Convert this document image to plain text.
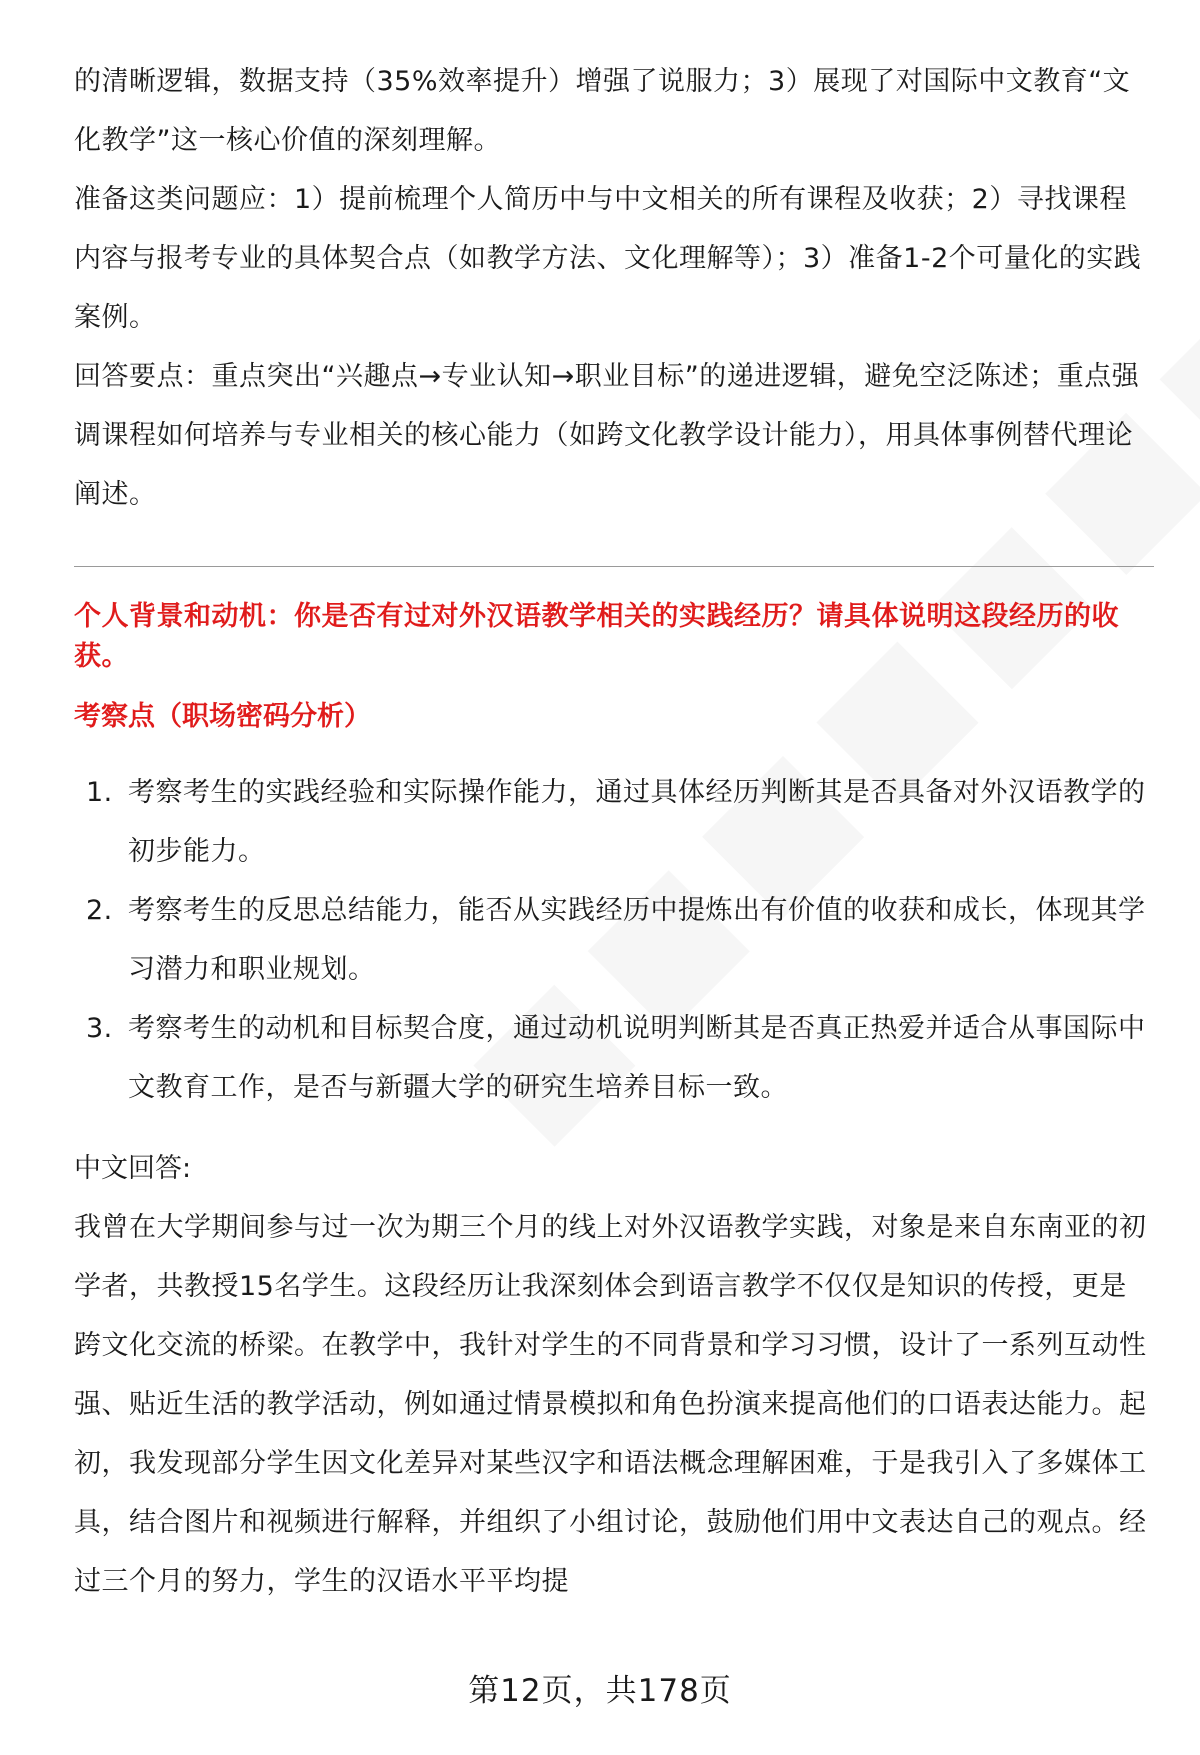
的清晰逻辑，数据支持（35%效率提升）增强了说服力；3）展现了对国际中文教育“文化教学”这一核心价值的深刻理解。

准备这类问题应：1）提前梳理个人简历中与中文相关的所有课程及收获；2）寻找课程内容与报考专业的具体契合点（如教学方法、文化理解等）；3）准备1-2个可量化的实践案例。

回答要点：重点突出“兴趣点→专业认知→职业目标”的递进逻辑，避免空泛陈述；重点强调课程如何培养与专业相关的核心能力（如跨文化教学设计能力），用具体事例替代理论阐述。

个人背景和动机：你是否有过对外汉语教学相关的实践经历？请具体说明这段经历的收获。

考察点（职场密码分析）

1. 考察考生的实践经验和实际操作能力，通过具体经历判断其是否具备对外汉语教学的初步能力。
2. 考察考生的反思总结能力，能否从实践经历中提炼出有价值的收获和成长，体现其学习潜力和职业规划。
3. 考察考生的动机和目标契合度，通过动机说明判断其是否真正热爱并适合从事国际中文教育工作，是否与新疆大学的研究生培养目标一致。

中文回答:

我曾在大学期间参与过一次为期三个月的线上对外汉语教学实践，对象是来自东南亚的初学者，共教授15名学生。这段经历让我深刻体会到语言教学不仅仅是知识的传授，更是跨文化交流的桥梁。在教学中，我针对学生的不同背景和学习习惯，设计了一系列互动性强、贴近生活的教学活动，例如通过情景模拟和角色扮演来提高他们的口语表达能力。起初，我发现部分学生因文化差异对某些汉字和语法概念理解困难，于是我引入了多媒体工具，结合图片和视频进行解释，并组织了小组讨论，鼓励他们用中文表达自己的观点。经过三个月的努力，学生的汉语水平平均提

第12页，共178页
